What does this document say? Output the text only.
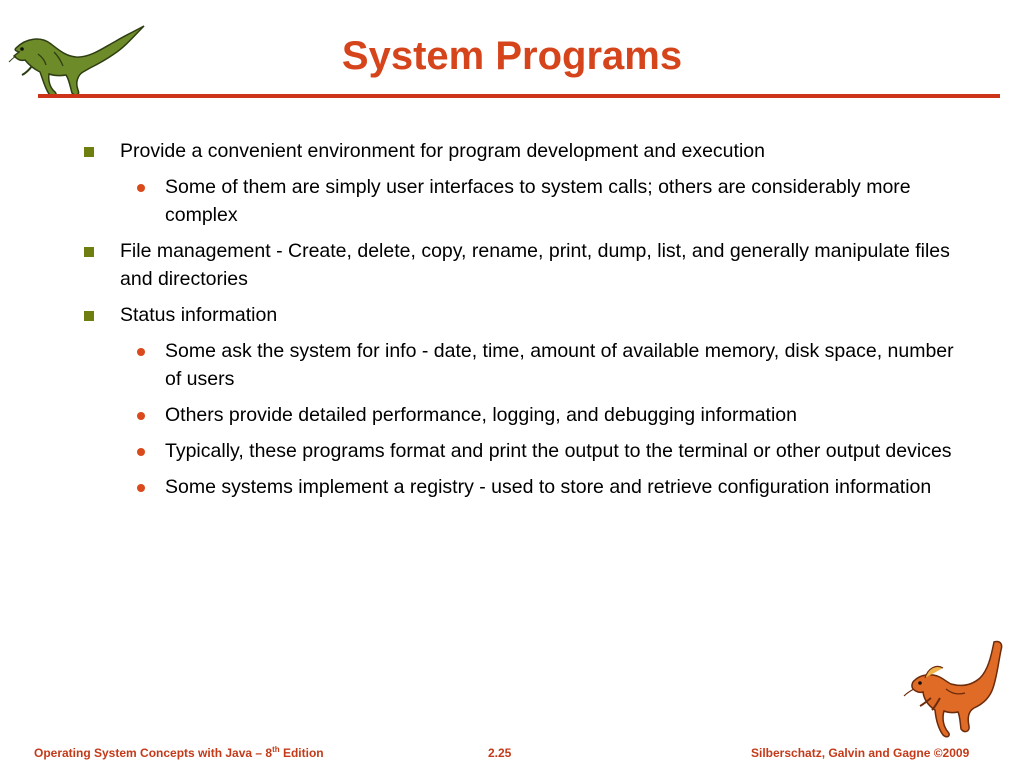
System Programs
Provide a convenient environment for program development and execution
Some of them are simply user interfaces to system calls; others are considerably more complex
File management - Create, delete, copy, rename, print, dump, list, and generally manipulate files and directories
Status information
Some ask the system for info - date, time, amount of available memory, disk space, number of users
Others provide detailed performance, logging, and debugging information
Typically, these programs format and print the output to the terminal or other output devices
Some systems implement a registry - used to store and retrieve configuration information
Operating System Concepts with Java – 8th Edition	2.25	Silberschatz, Galvin and Gagne ©2009
